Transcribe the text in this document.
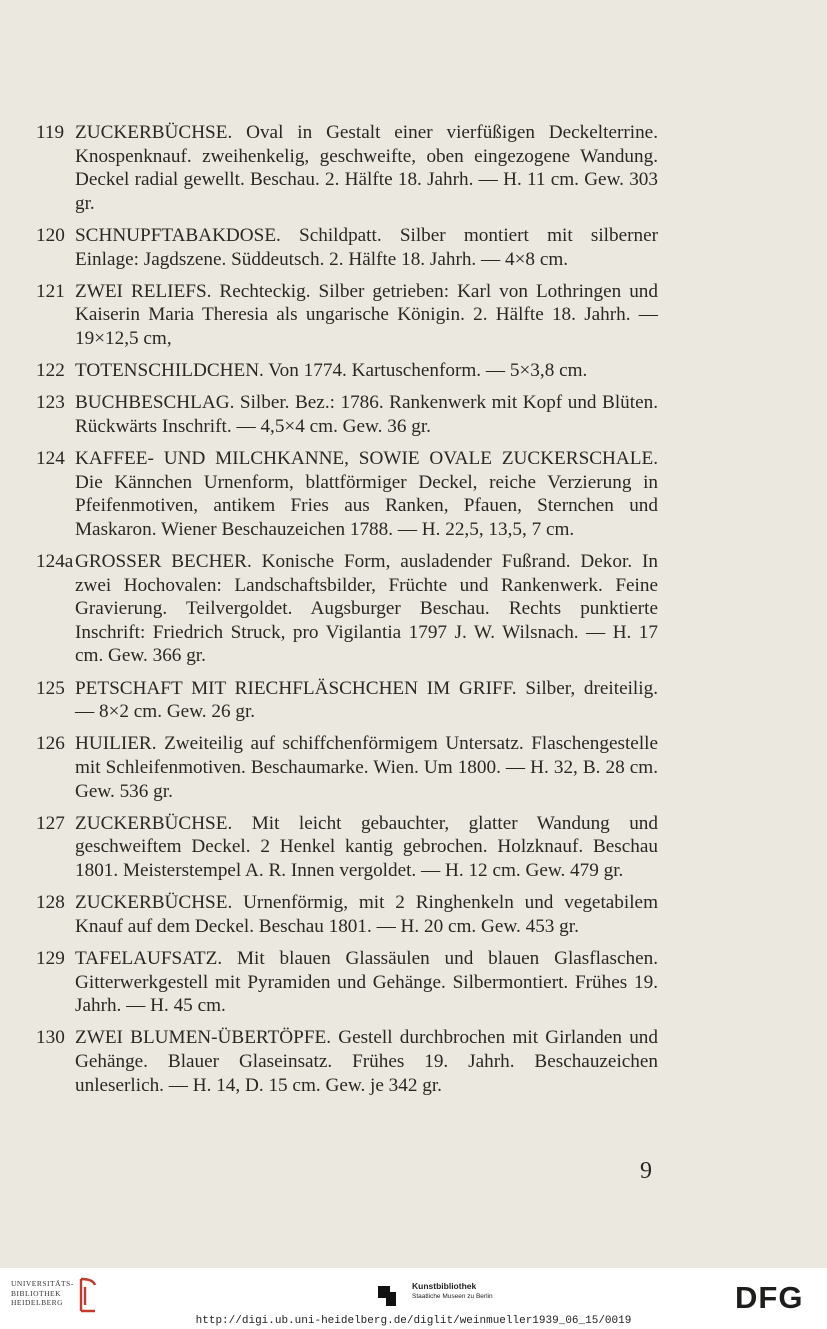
119 ZUCKERBÜCHSE. Oval in Gestalt einer vierfüßigen Deckelterrine. Knospenknauf. zweihenkelig, geschweifte, oben eingezogene Wandung. Deckel radial gewellt. Beschau. 2. Hälfte 18. Jahrh. — H. 11 cm. Gew. 303 gr.
120 SCHNUPFTABAKDOSE. Schildpatt. Silber montiert mit silberner Einlage: Jagdszene. Süddeutsch. 2. Hälfte 18. Jahrh. — 4×8 cm.
121 ZWEI RELIEFS. Rechteckig. Silber getrieben: Karl von Lothringen und Kaiserin Maria Theresia als ungarische Königin. 2. Hälfte 18. Jahrh. — 19×12,5 cm,
122 TOTENSCHILDCHEN. Von 1774. Kartuschenform. — 5×3,8 cm.
123 BUCHBESCHLAG. Silber. Bez.: 1786. Rankenwerk mit Kopf und Blüten. Rückwärts Inschrift. — 4,5×4 cm. Gew. 36 gr.
124 KAFFEE- UND MILCHKANNE, SOWIE OVALE ZUCKERSCHALE. Die Kännchen Urnenform, blattförmiger Deckel, reiche Verzierung in Pfeifenmotiven, antikem Fries aus Ranken, Pfauen, Sternchen und Maskaron. Wiener Beschauzeichen 1788. — H. 22,5, 13,5, 7 cm.
124a GROSSER BECHER. Konische Form, ausladender Fußrand. Dekor. In zwei Hochovalen: Landschaftsbilder, Früchte und Rankenwerk. Feine Gravierung. Teilvergoldet. Augsburger Beschau. Rechts punktierte Inschrift: Friedrich Struck, pro Vigilantia 1797 J. W. Wilsnach. — H. 17 cm. Gew. 366 gr.
125 PETSCHAFT MIT RIECHFLÄSCHCHEN IM GRIFF. Silber, dreiteilig. — 8×2 cm. Gew. 26 gr.
126 HUILIER. Zweiteilig auf schiffchenförmigem Untersatz. Flaschengestelle mit Schleifenmotiven. Beschaumarke. Wien. Um 1800. — H. 32, B. 28 cm. Gew. 536 gr.
127 ZUCKERBÜCHSE. Mit leicht gebauchter, glatter Wandung und geschweiftem Deckel. 2 Henkel kantig gebrochen. Holzknauf. Beschau 1801. Meisterstempel A. R. Innen vergoldet. — H. 12 cm. Gew. 479 gr.
128 ZUCKERBÜCHSE. Urnenförmig, mit 2 Ringhenkeln und vegetabilem Knauf auf dem Deckel. Beschau 1801. — H. 20 cm. Gew. 453 gr.
129 TAFELAUFSATZ. Mit blauen Glassäulen und blauen Glasflaschen. Gitterwerkgestell mit Pyramiden und Gehänge. Silbermontiert. Frühes 19. Jahrh. — H. 45 cm.
130 ZWEI BLUMEN-ÜBERTÖPFE. Gestell durchbrochen mit Girlanden und Gehänge. Blauer Glaseinsatz. Frühes 19. Jahrh. Beschauzeichen unleserlich. — H. 14, D. 15 cm. Gew. je 342 gr.
9
UNIVERSITÄTS-
BIBLIOTHEK
HEIDELBERG
Kunstbibliothek
Staatliche Museen zu Berlin	DFG
http://digi.ub.uni-heidelberg.de/diglit/weinmueller1939_06_15/0019
